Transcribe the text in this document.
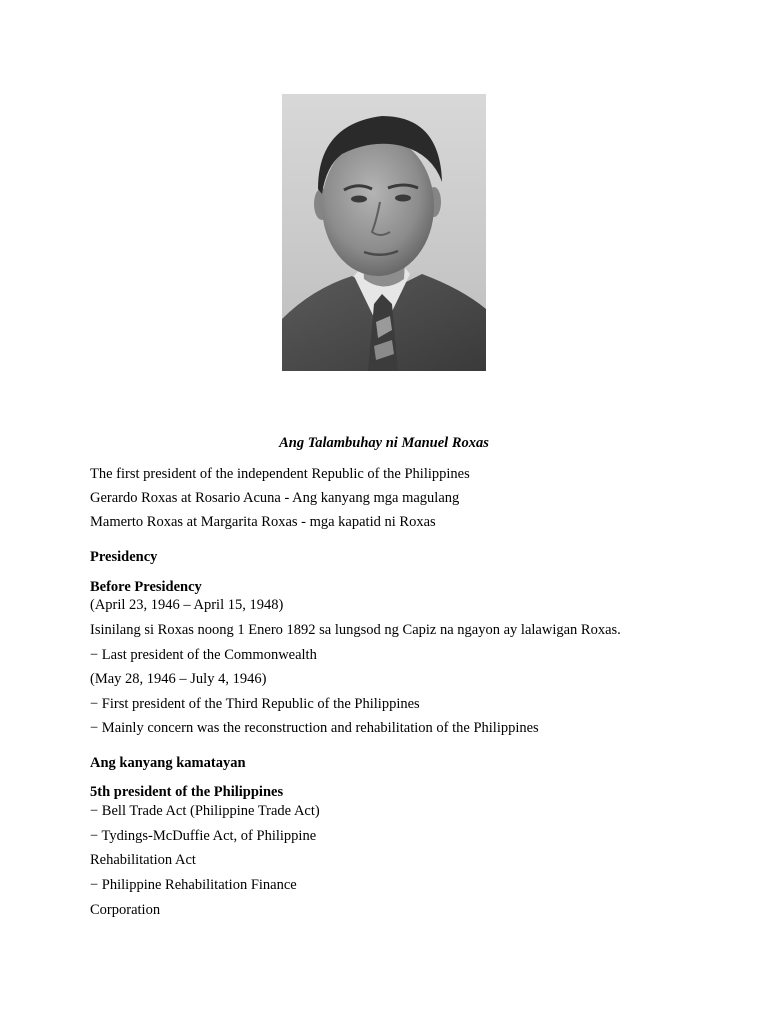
Ang Talambuhay ni Manuel Roxas
The first president of the independent Republic of the Philippines
Gerardo Roxas at Rosario Acuna - Ang kanyang mga magulang
Mamerto Roxas at Margarita Roxas - mga kapatid ni Roxas
Presidency
Before Presidency
(April 23, 1946 – April 15, 1948)
Isinilang si Roxas noong 1 Enero 1892 sa lungsod ng Capiz na ngayon ay lalawigan Roxas.
− Last president of the Commonwealth
(May 28, 1946 – July 4, 1946)
− First president of the Third Republic of the Philippines
− Mainly concern was the reconstruction and rehabilitation of the Philippines
Ang kanyang kamatayan
5th president of the Philippines
− Bell Trade Act (Philippine Trade Act)
− Tydings-McDuffie Act, of Philippine
Rehabilitation Act
− Philippine Rehabilitation Finance
Corporation
